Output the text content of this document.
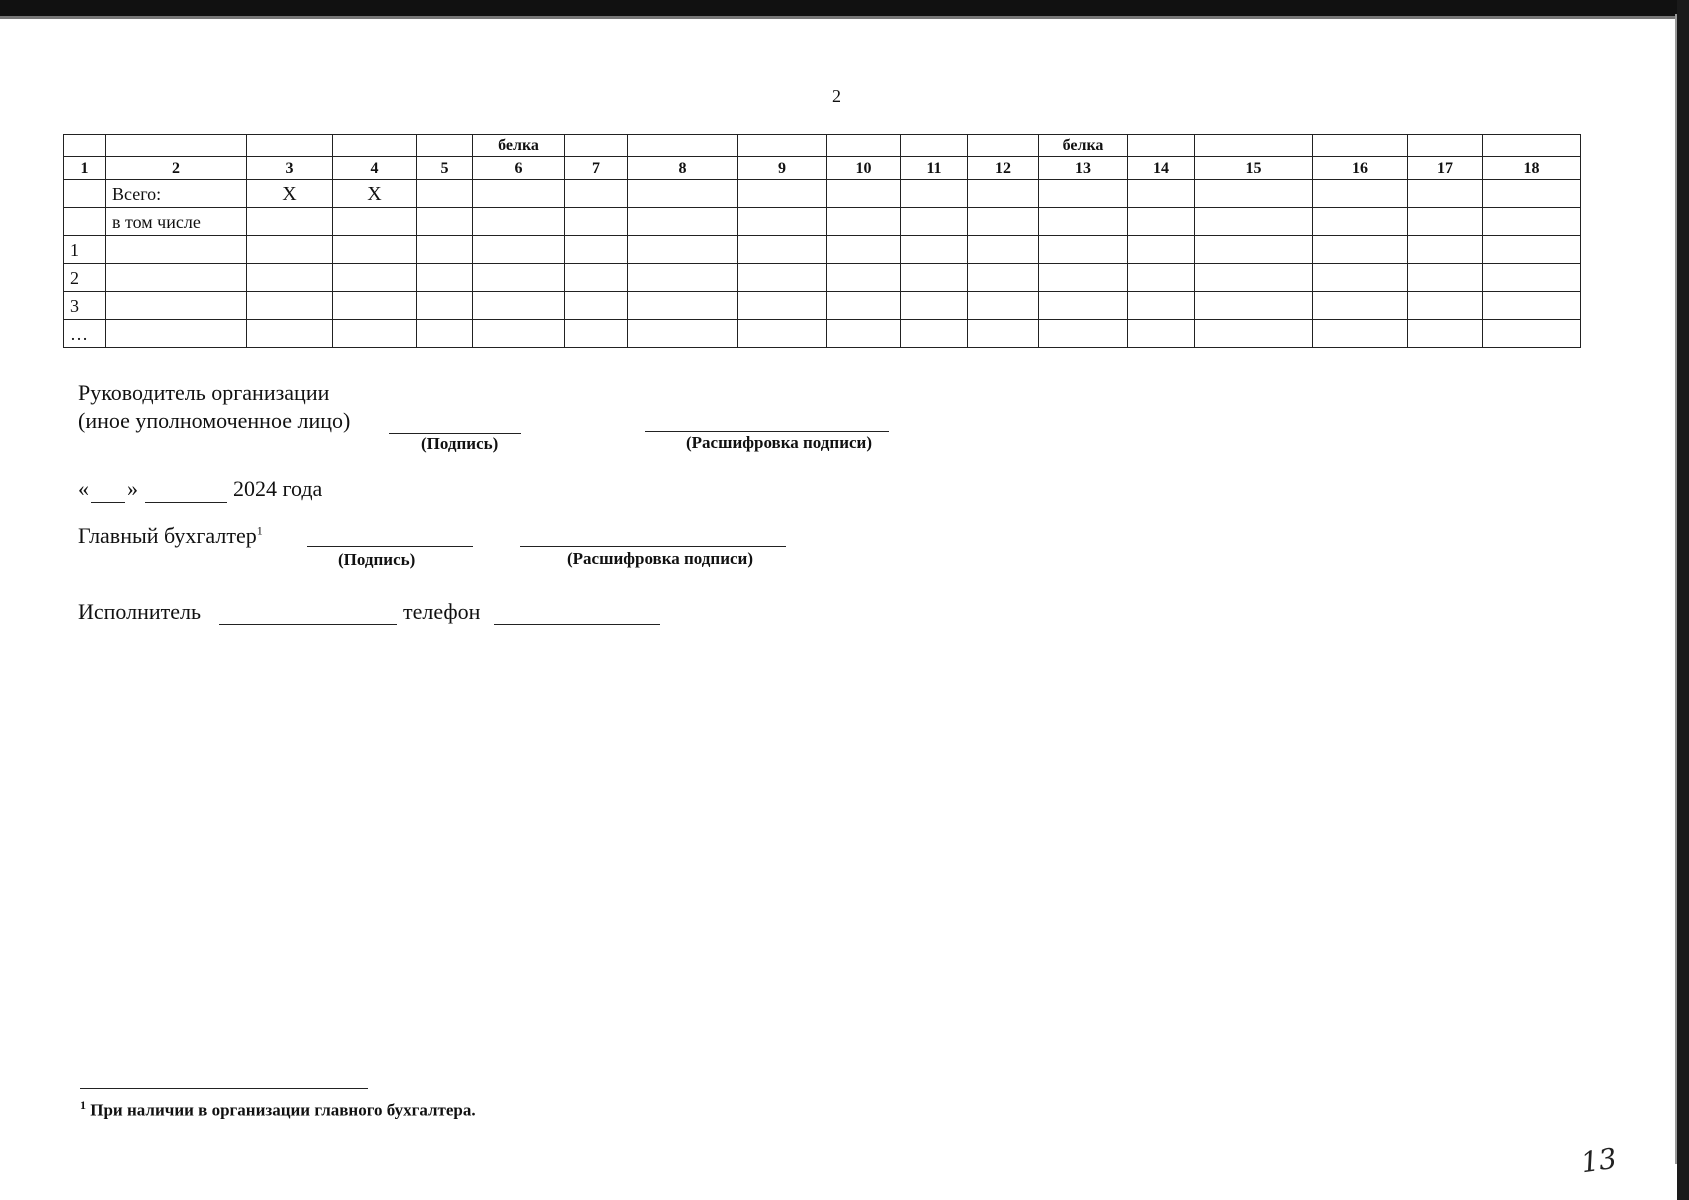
2
					белка							белка					
1	2	3	4	5	6	7	8	9	10	11	12	13	14	15	16	17	18
	Всего:	X	X														
	в том числе																
1																	
2																	
3																	
…																	
Руководитель организации
(иное уполномоченное лицо)
(Подпись)	(Расшифровка подписи)
« »	2024 года
Главный бухгалтер$^1$
(Подпись)	(Расшифровка подписи)
Исполнитель	телефон
$^1$ При наличии в организации главного бухгалтера.
13
